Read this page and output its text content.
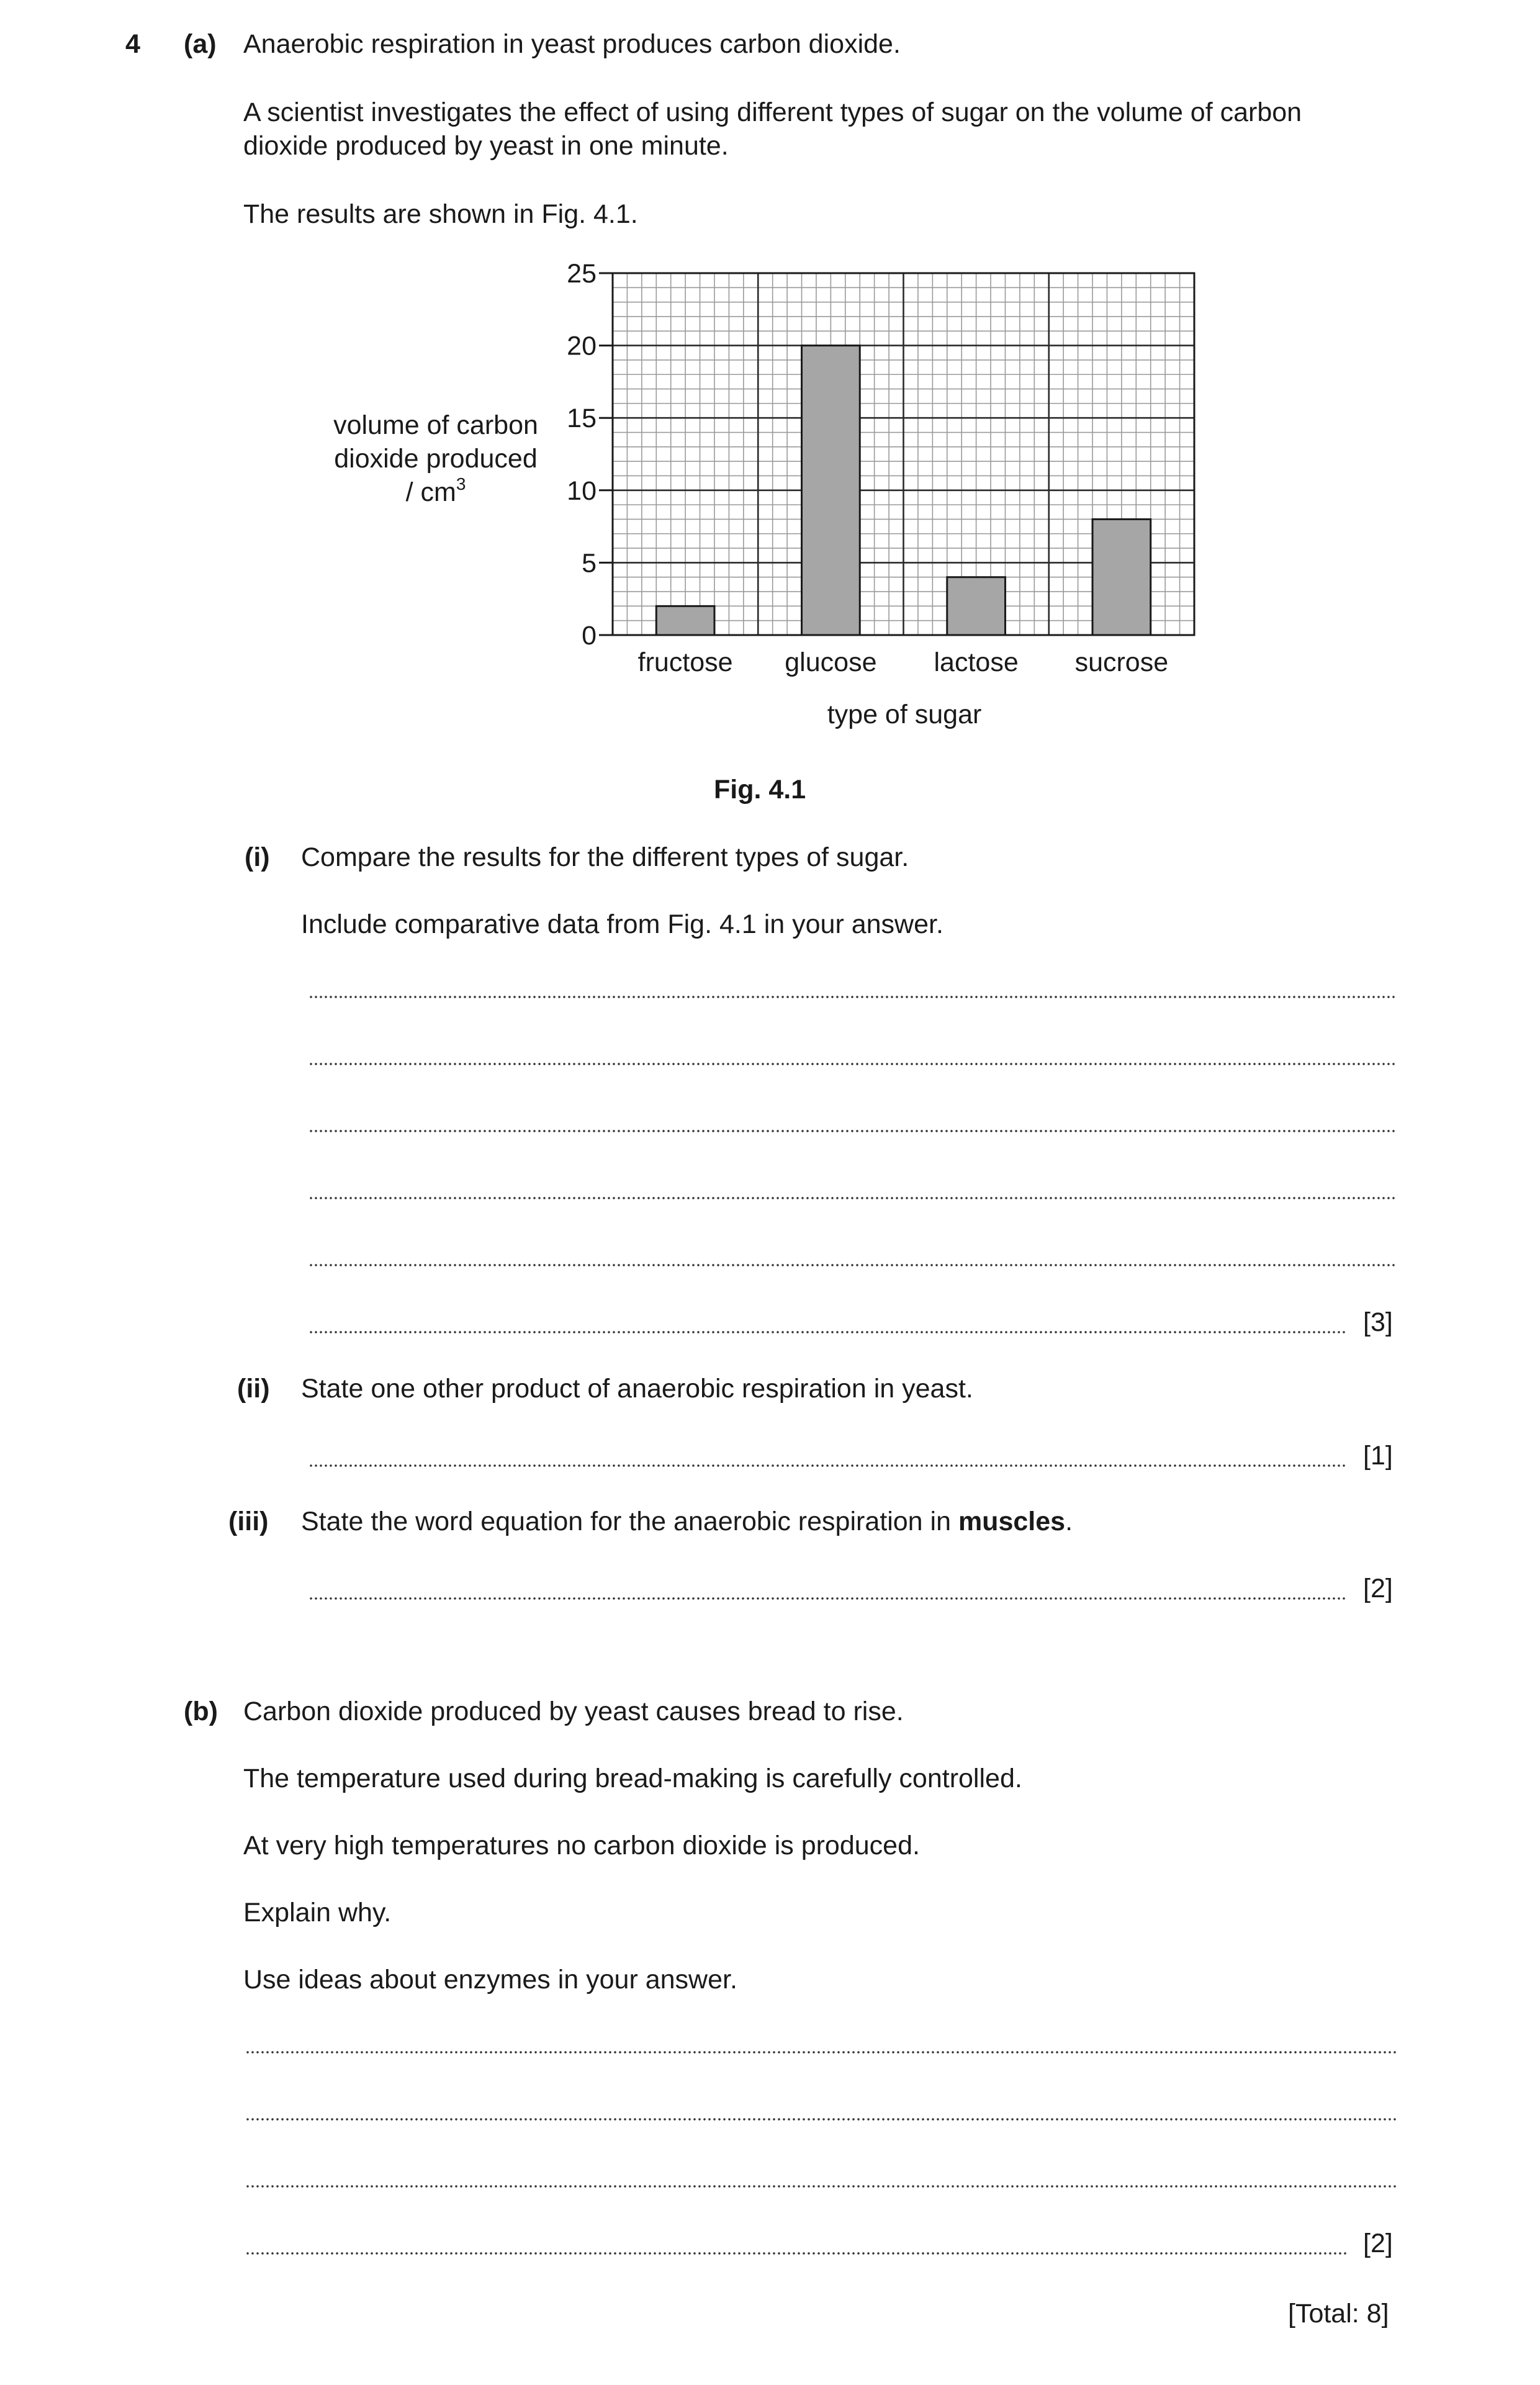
4 (a) Anaerobic respiration in yeast produces carbon dioxide.
A scientist investigates the effect of using different types of sugar on the volume of carbon
dioxide produced by yeast in one minute.
The results are shown in Fig. 4.1.
0
5
10
15
20
25
fructose glucose lactose sucrose
volume of carbon
dioxide produced
/ $cm^3$
type of sugar
Fig. 4.1
(i) Compare the results for the different types of sugar.
Include comparative data from Fig. 4.1 in your answer.
[3]
(ii) State one other product of anaerobic respiration in yeast.
[1]
(iii) State the word equation for the anaerobic respiration in muscles.
[2]
(b) Carbon dioxide produced by yeast causes bread to rise.
The temperature used during bread-making is carefully controlled.
At very high temperatures no carbon dioxide is produced.
Explain why.
Use ideas about enzymes in your answer.
[2]
[Total: 8]
